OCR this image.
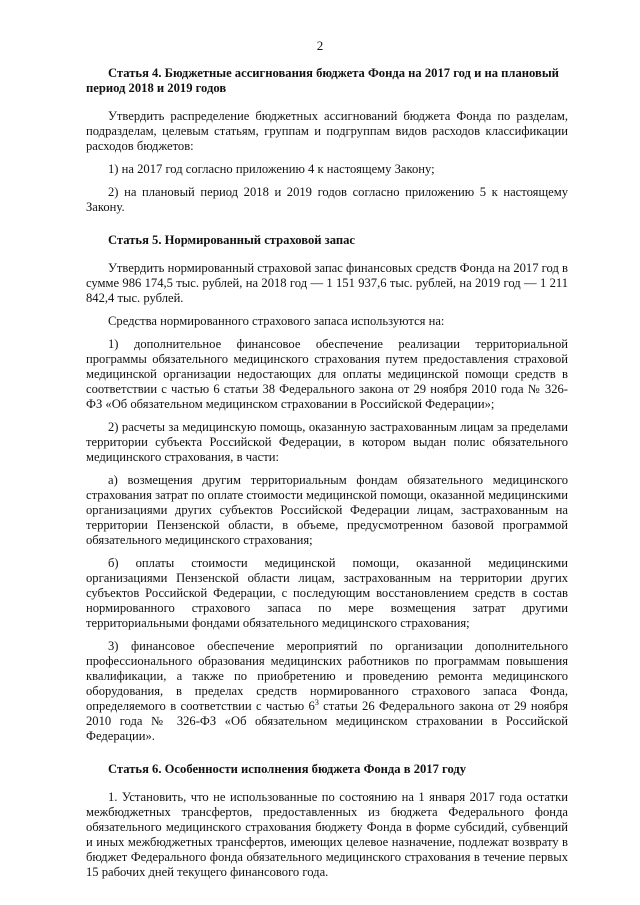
2

Статья 4. Бюджетные ассигнования бюджета Фонда на 2017 год и на плановый период 2018 и 2019 годов

Утвердить распределение бюджетных ассигнований бюджета Фонда по разделам, подразделам, целевым статьям, группам и подгруппам видов расходов классификации расходов бюджетов:

1) на 2017 год согласно приложению 4 к настоящему Закону;

2) на плановый период 2018 и 2019 годов согласно приложению 5 к настоящему Закону.

Статья 5. Нормированный страховой запас

Утвердить нормированный страховой запас финансовых средств Фонда на 2017 год в сумме 986 174,5 тыс. рублей, на 2018 год — 1 151 937,6 тыс. рублей, на 2019 год — 1 211 842,4 тыс. рублей.

Средства нормированного страхового запаса используются на:

1) дополнительное финансовое обеспечение реализации территориальной программы обязательного медицинского страхования путем предоставления страховой медицинской организации недостающих для оплаты медицинской помощи средств в соответствии с частью 6 статьи 38 Федерального закона от 29 ноября 2010 года № 326-ФЗ «Об обязательном медицинском страховании в Российской Федерации»;

2) расчеты за медицинскую помощь, оказанную застрахованным лицам за пределами территории субъекта Российской Федерации, в котором выдан полис обязательного медицинского страхования, в части:

а) возмещения другим территориальным фондам обязательного медицинского страхования затрат по оплате стоимости медицинской помощи, оказанной медицинскими организациями других субъектов Российской Федерации лицам, застрахованным на территории Пензенской области, в объеме, предусмотренном базовой программой обязательного медицинского страхования;

б) оплаты стоимости медицинской помощи, оказанной медицинскими организациями Пензенской области лицам, застрахованным на территории других субъектов Российской Федерации, с последующим восстановлением средств в состав нормированного страхового запаса по мере возмещения затрат другими территориальными фондами обязательного медицинского страхования;

3) финансовое обеспечение мероприятий по организации дополнительного профессионального образования медицинских работников по программам повышения квалификации, а также по приобретению и проведению ремонта медицинского оборудования, в пределах средств нормированного страхового запаса Фонда, определяемого в соответствии с частью $6^3$ статьи 26 Федерального закона от 29 ноября 2010 года № 326-ФЗ «Об обязательном медицинском страховании в Российской Федерации».

Статья 6. Особенности исполнения бюджета Фонда в 2017 году

1. Установить, что не использованные по состоянию на 1 января 2017 года остатки межбюджетных трансфертов, предоставленных из бюджета Федерального фонда обязательного медицинского страхования бюджету Фонда в форме субсидий, субвенций и иных межбюджетных трансфертов, имеющих целевое назначение, подлежат возврату в бюджет Федерального фонда обязательного медицинского страхования в течение первых 15 рабочих дней текущего финансового года.
